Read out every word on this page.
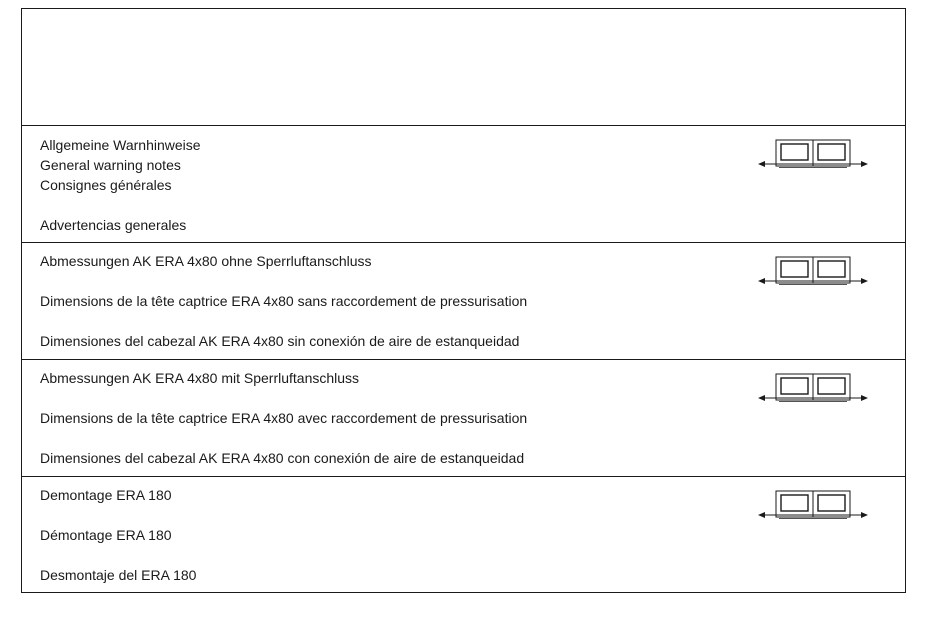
Allgemeine Warnhinweise
General warning notes
Consignes générales
Advertencias generales
Abmessungen AK ERA 4x80 ohne Sperrluftanschluss
Dimensions de la tête captrice ERA 4x80 sans raccordement de pressurisation
Dimensiones del cabezal AK ERA 4x80 sin conexión de aire de estanqueidad
Abmessungen AK ERA 4x80 mit Sperrluftanschluss
Dimensions de la tête captrice ERA 4x80 avec raccordement de pressurisation
Dimensiones del cabezal AK ERA 4x80 con conexión de aire de estanqueidad
Demontage ERA 180
Démontage ERA 180
Desmontaje del ERA 180
